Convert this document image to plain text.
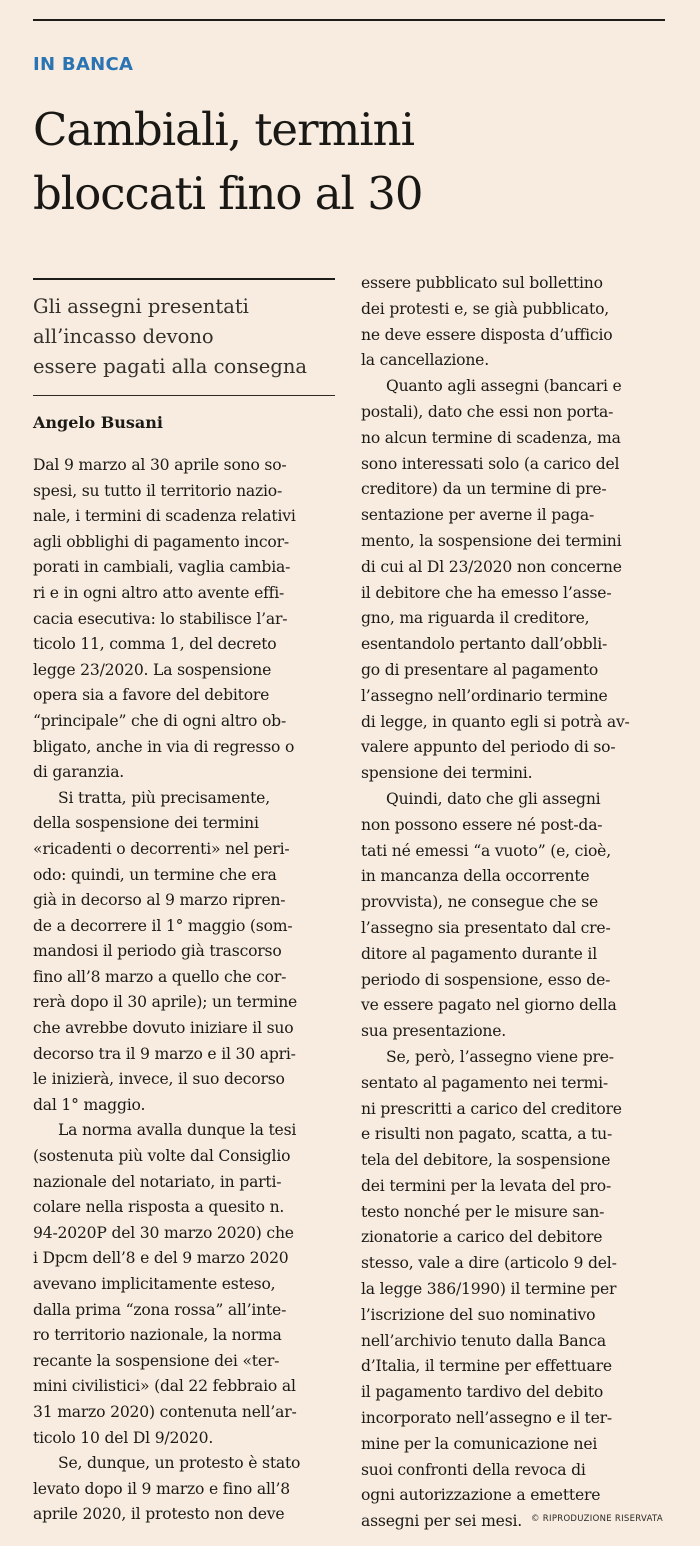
IN BANCA
Cambiali, termini
bloccati fino al 30
Gli assegni presentati
all’incasso devono
essere pagati alla consegna
Angelo Busani
Dal 9 marzo al 30 aprile sono so-
spesi, su tutto il territorio nazio-
nale, i termini di scadenza relativi
agli obblighi di pagamento incor-
porati in cambiali, vaglia cambia-
ri e in ogni altro atto avente effi-
cacia esecutiva: lo stabilisce l’ar-
ticolo 11, comma 1, del decreto
legge 23/2020. La sospensione
opera sia a favore del debitore
“principale” che di ogni altro ob-
bligato, anche in via di regresso o
di garanzia.
Si tratta, più precisamente,
della sospensione dei termini
«ricadenti o decorrenti» nel peri-
odo: quindi, un termine che era
già in decorso al 9 marzo ripren-
de a decorrere il 1° maggio (som-
mandosi il periodo già trascorso
fino all’8 marzo a quello che cor-
rerà dopo il 30 aprile); un termine
che avrebbe dovuto iniziare il suo
decorso tra il 9 marzo e il 30 apri-
le inizierà, invece, il suo decorso
dal 1° maggio.
La norma avalla dunque la tesi
(sostenuta più volte dal Consiglio
nazionale del notariato, in parti-
colare nella risposta a quesito n.
94-2020P del 30 marzo 2020) che
i Dpcm dell’8 e del 9 marzo 2020
avevano implicitamente esteso,
dalla prima “zona rossa” all’inte-
ro territorio nazionale, la norma
recante la sospensione dei «ter-
mini civilistici» (dal 22 febbraio al
31 marzo 2020) contenuta nell’ar-
ticolo 10 del Dl 9/2020.
Se, dunque, un protesto è stato
levato dopo il 9 marzo e fino all’8
aprile 2020, il protesto non deve
essere pubblicato sul bollettino
dei protesti e, se già pubblicato,
ne deve essere disposta d’ufficio
la cancellazione.
Quanto agli assegni (bancari e
postali), dato che essi non porta-
no alcun termine di scadenza, ma
sono interessati solo (a carico del
creditore) da un termine di pre-
sentazione per averne il paga-
mento, la sospensione dei termini
di cui al Dl 23/2020 non concerne
il debitore che ha emesso l’asse-
gno, ma riguarda il creditore,
esentandolo pertanto dall’obbli-
go di presentare al pagamento
l’assegno nell’ordinario termine
di legge, in quanto egli si potrà av-
valere appunto del periodo di so-
spensione dei termini.
Quindi, dato che gli assegni
non possono essere né post-da-
tati né emessi “a vuoto” (e, cioè,
in mancanza della occorrente
provvista), ne consegue che se
l’assegno sia presentato dal cre-
ditore al pagamento durante il
periodo di sospensione, esso de-
ve essere pagato nel giorno della
sua presentazione.
Se, però, l’assegno viene pre-
sentato al pagamento nei termi-
ni prescritti a carico del creditore
e risulti non pagato, scatta, a tu-
tela del debitore, la sospensione
dei termini per la levata del pro-
testo nonché per le misure san-
zionatorie a carico del debitore
stesso, vale a dire (articolo 9 del-
la legge 386/1990) il termine per
l’iscrizione del suo nominativo
nell’archivio tenuto dalla Banca
d’Italia, il termine per effettuare
il pagamento tardivo del debito
incorporato nell’assegno e il ter-
mine per la comunicazione nei
suoi confronti della revoca di
ogni autorizzazione a emettere
assegni per sei mesi.	© RIPRODUZIONE RISERVATA
